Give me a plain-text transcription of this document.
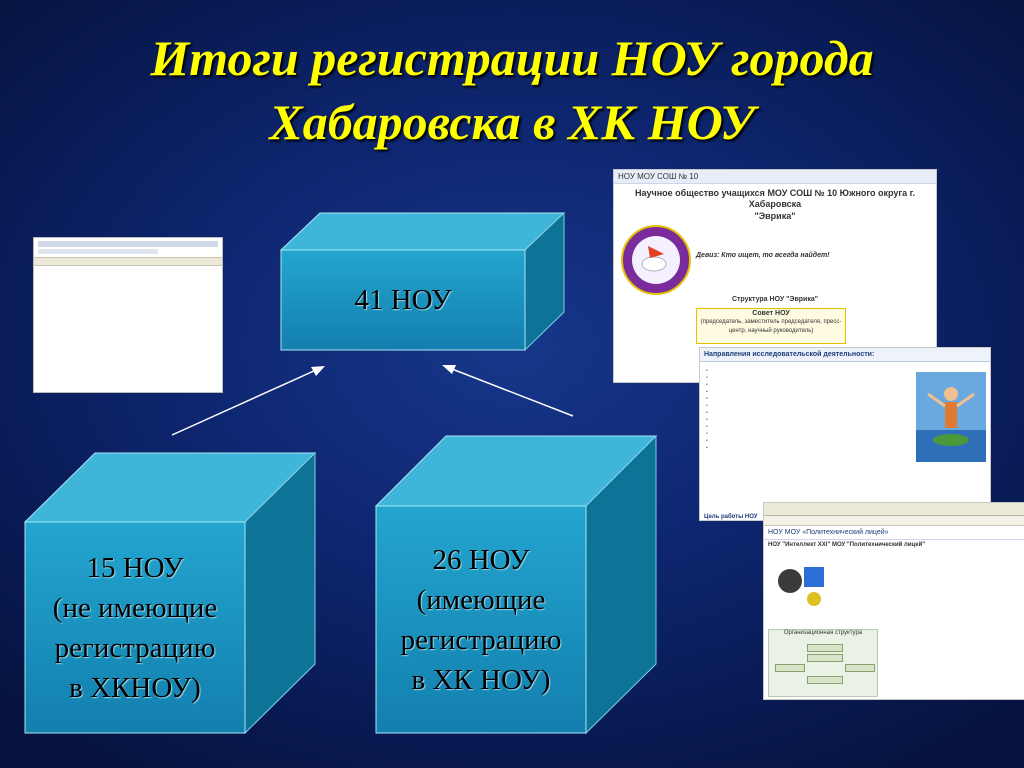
Итоги регистрации НОУ города
Хабаровска в ХК НОУ
41 НОУ
15 НОУ
(не имеющие
регистрацию
в ХКНОУ)
26 НОУ
(имеющие
регистрацию
в ХК НОУ)
НОУ МОУ СОШ № 10
Научное общество учащихся МОУ СОШ № 10 Южного округа г.
Хабаровска
"Эврика"
Девиз: Кто ищет, то всегда найдет!
Структура НОУ "Эврика"
Совет НОУ
(председатель, заместитель председателя, пресс-центр, научный руководитель)
Направления исследовательской деятельности:
•
•
•
•
•
•
•
•
•
•
•
•
Цель работы НОУ
НОУ МОУ «Политехнический лицей»
НОУ "Интеллект XXI" МОУ "Политехнический лицей"
Организационная структура
